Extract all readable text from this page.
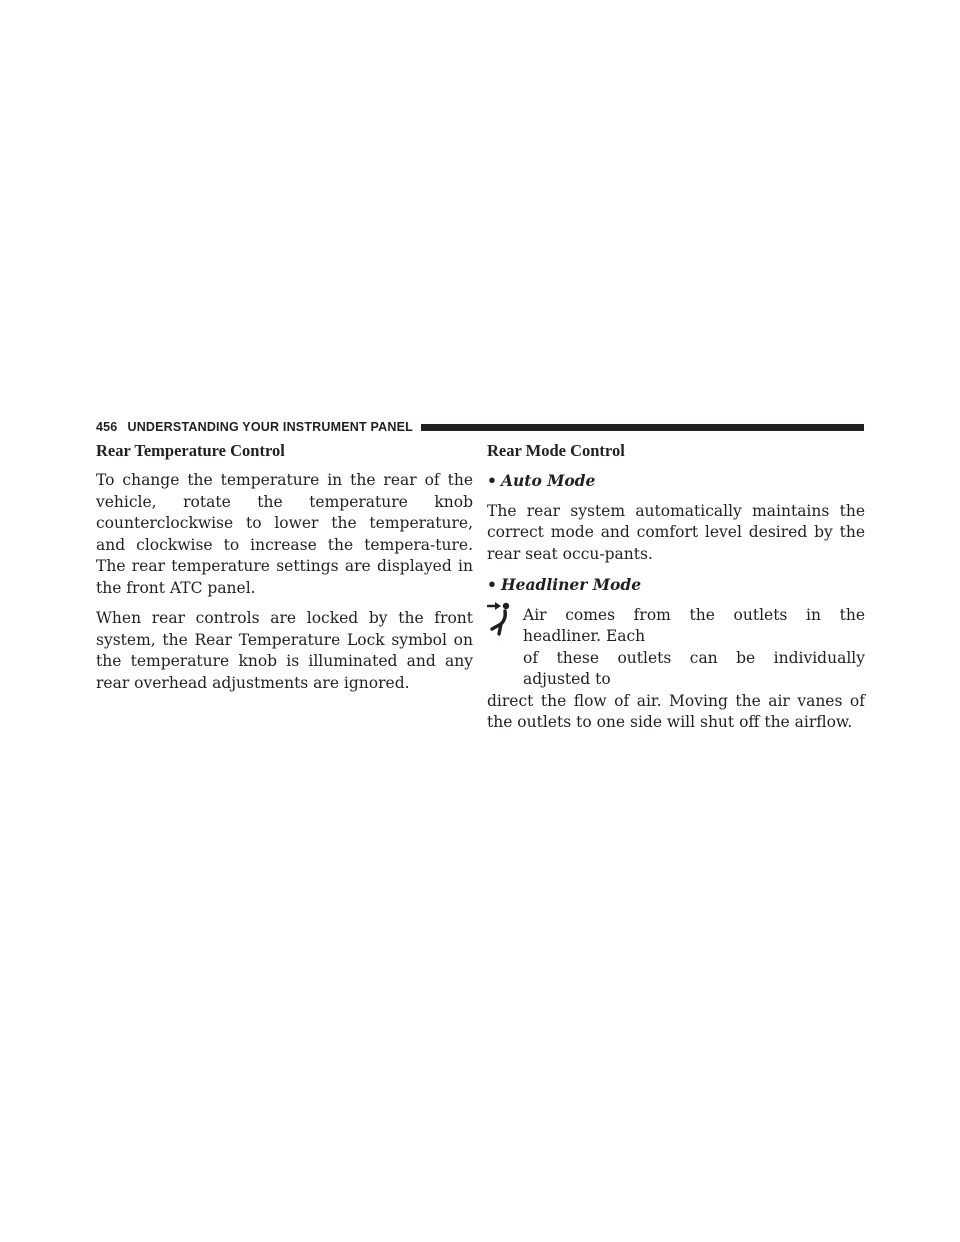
456 UNDERSTANDING YOUR INSTRUMENT PANEL
Rear Temperature Control

To change the temperature in the rear of the vehicle, rotate the temperature knob counterclockwise to lower the temperature, and clockwise to increase the tempera-ture. The rear temperature settings are displayed in the front ATC panel.

When rear controls are locked by the front system, the Rear Temperature Lock symbol on the temperature knob is illuminated and any rear overhead adjustments are ignored.

Rear Mode Control
• Auto Mode

The rear system automatically maintains the correct mode and comfort level desired by the rear seat occu-pants.

• Headliner Mode
Air comes from the outlets in the headliner. Each
of these outlets can be individually adjusted to
direct the flow of air. Moving the air vanes of the outlets to one side will shut off the airflow.
